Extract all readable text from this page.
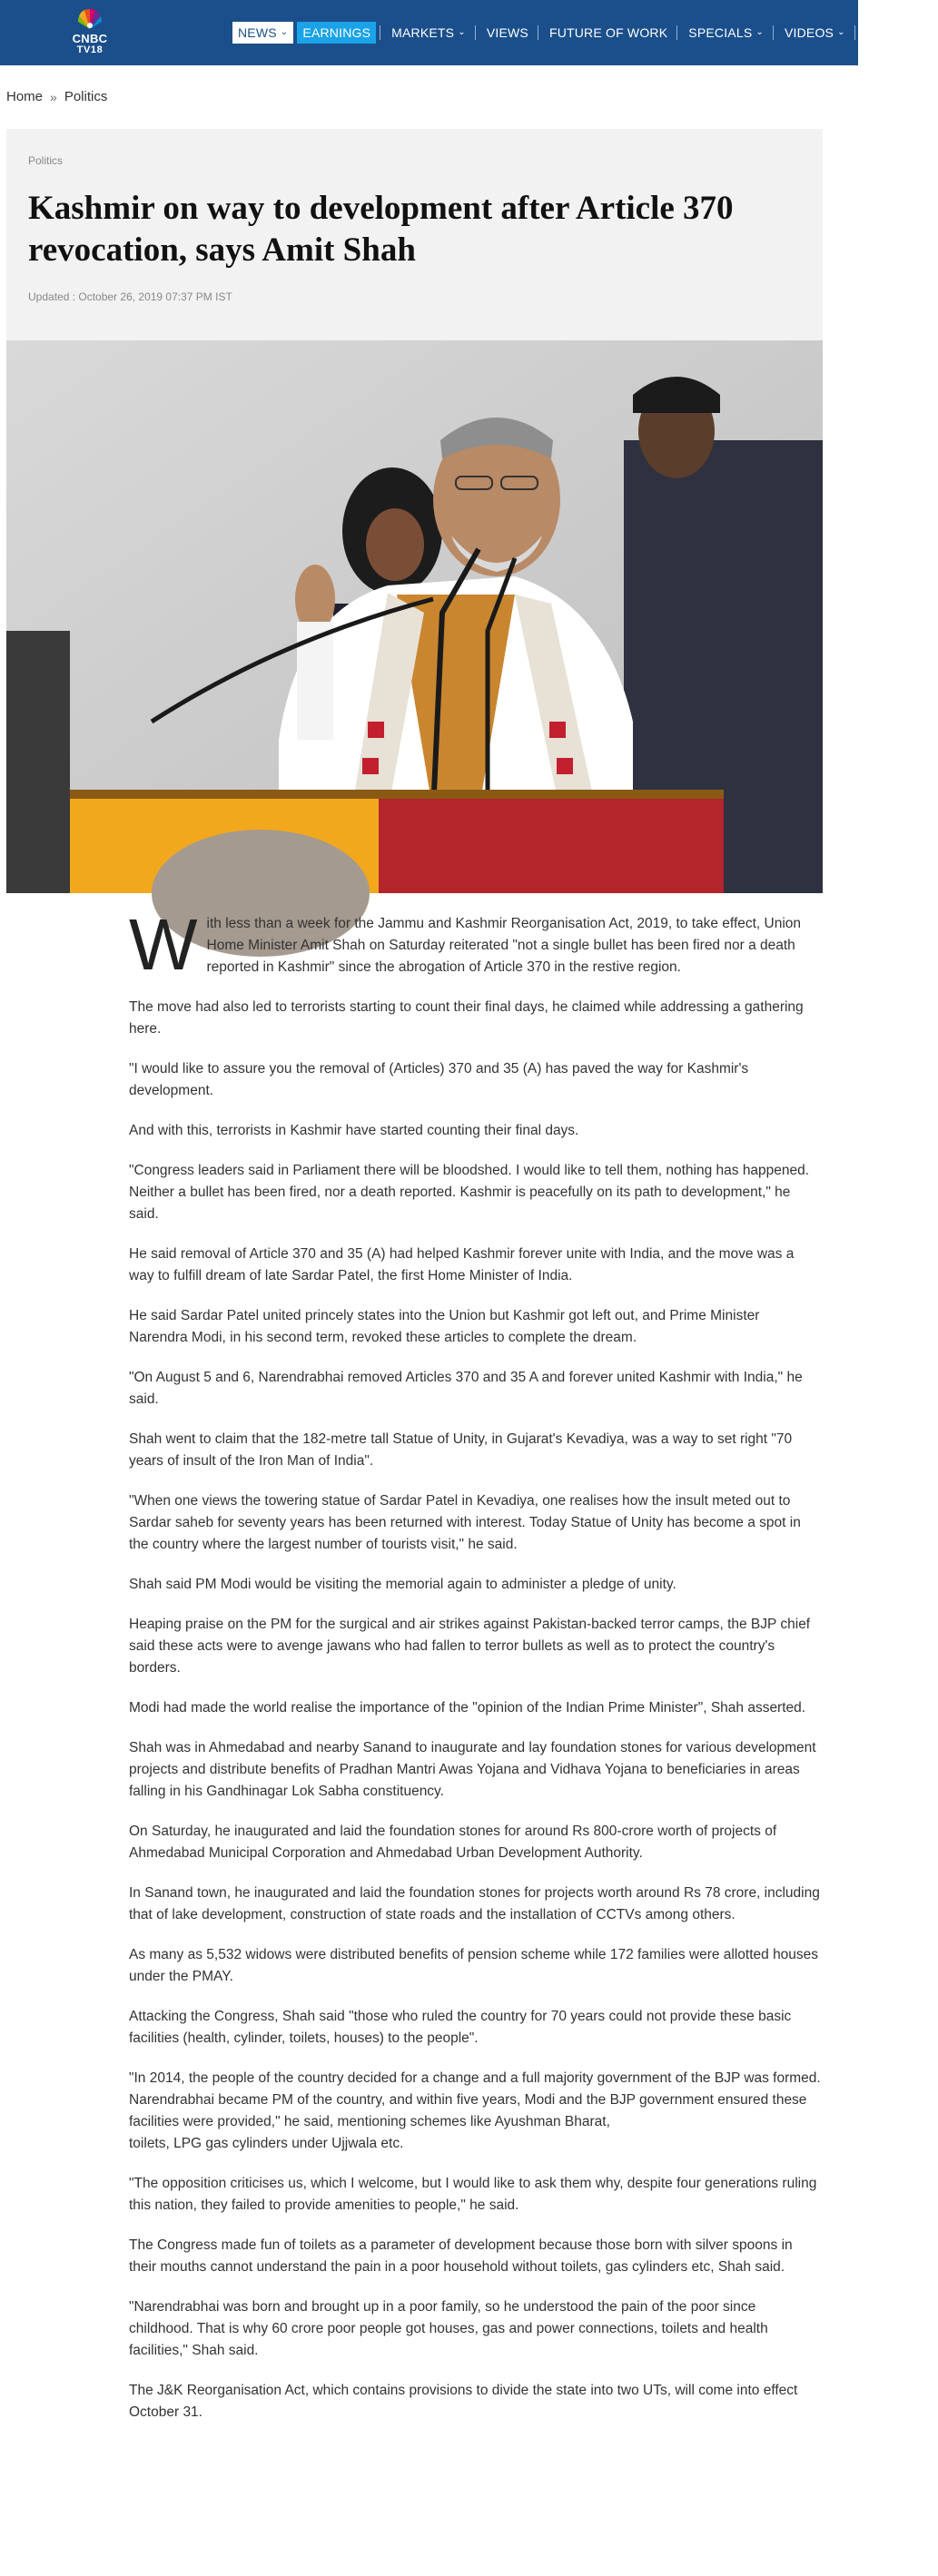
CNBC
TV18
NEWS ⌄ EARNINGS MARKETS ⌄	VIEWS FUTURE OF WORK SPECIALS ⌄	VIDEOS ⌄	PODCAST
Home » Politics
Politics
Kashmir on way to development after Article 370 revocation, says Amit Shah
Updated : October 26, 2019 07:37 PM IST

With less than a week for the Jammu and Kashmir Reorganisation Act, 2019, to take effect, Union Home Minister Amit Shah on Saturday reiterated "not a single bullet has been fired nor a death reported in Kashmir" since the abrogation of Article 370 in the restive region.

The move had also led to terrorists starting to count their final days, he claimed while addressing a gathering here.

"I would like to assure you the removal of (Articles) 370 and 35 (A) has paved the way for Kashmir's development.

And with this, terrorists in Kashmir have started counting their final days.

"Congress leaders said in Parliament there will be bloodshed. I would like to tell them, nothing has happened. Neither a bullet has been fired, nor a death reported. Kashmir is peacefully on its path to development," he said.

He said removal of Article 370 and 35 (A) had helped Kashmir forever unite with India, and the move was a way to fulfill dream of late Sardar Patel, the first Home Minister of India.

He said Sardar Patel united princely states into the Union but Kashmir got left out, and Prime Minister Narendra Modi, in his second term, revoked these articles to complete the dream.

"On August 5 and 6, Narendrabhai removed Articles 370 and 35 A and forever united Kashmir with India," he said.

Shah went to claim that the 182-metre tall Statue of Unity, in Gujarat's Kevadiya, was a way to set right "70 years of insult of the Iron Man of India".

"When one views the towering statue of Sardar Patel in Kevadiya, one realises how the insult meted out to Sardar saheb for seventy years has been returned with interest. Today Statue of Unity has become a spot in the country where the largest number of tourists visit," he said.

Shah said PM Modi would be visiting the memorial again to administer a pledge of unity.

Heaping praise on the PM for the surgical and air strikes against Pakistan-backed terror camps, the BJP chief said these acts were to avenge jawans who had fallen to terror bullets as well as to protect the country's borders.

Modi had made the world realise the importance of the "opinion of the Indian Prime Minister", Shah asserted.

Shah was in Ahmedabad and nearby Sanand to inaugurate and lay foundation stones for various development projects and distribute benefits of Pradhan Mantri Awas Yojana and Vidhava Yojana to beneficiaries in areas falling in his Gandhinagar Lok Sabha constituency.

On Saturday, he inaugurated and laid the foundation stones for around Rs 800-crore worth of projects of Ahmedabad Municipal Corporation and Ahmedabad Urban Development Authority.

In Sanand town, he inaugurated and laid the foundation stones for projects worth around Rs 78 crore, including that of lake development, construction of state roads and the installation of CCTVs among others.

As many as 5,532 widows were distributed benefits of pension scheme while 172 families were allotted houses under the PMAY.

Attacking the Congress, Shah said "those who ruled the country for 70 years could not provide these basic facilities (health, cylinder, toilets, houses) to the people".

"In 2014, the people of the country decided for a change and a full majority government of the BJP was formed. Narendrabhai became PM of the country, and within five years, Modi and the BJP government ensured these facilities were provided," he said, mentioning schemes like Ayushman Bharat,
toilets, LPG gas cylinders under Ujjwala etc.

"The opposition criticises us, which I welcome, but I would like to ask them why, despite four generations ruling this nation, they failed to provide amenities to people," he said.

The Congress made fun of toilets as a parameter of development because those born with silver spoons in their mouths cannot understand the pain in a poor household without toilets, gas cylinders etc, Shah said.

"Narendrabhai was born and brought up in a poor family, so he understood the pain of the poor since childhood. That is why 60 crore poor people got houses, gas and power connections, toilets and health facilities," Shah said.

The J&K Reorganisation Act, which contains provisions to divide the state into two UTs, will come into effect October 31.
